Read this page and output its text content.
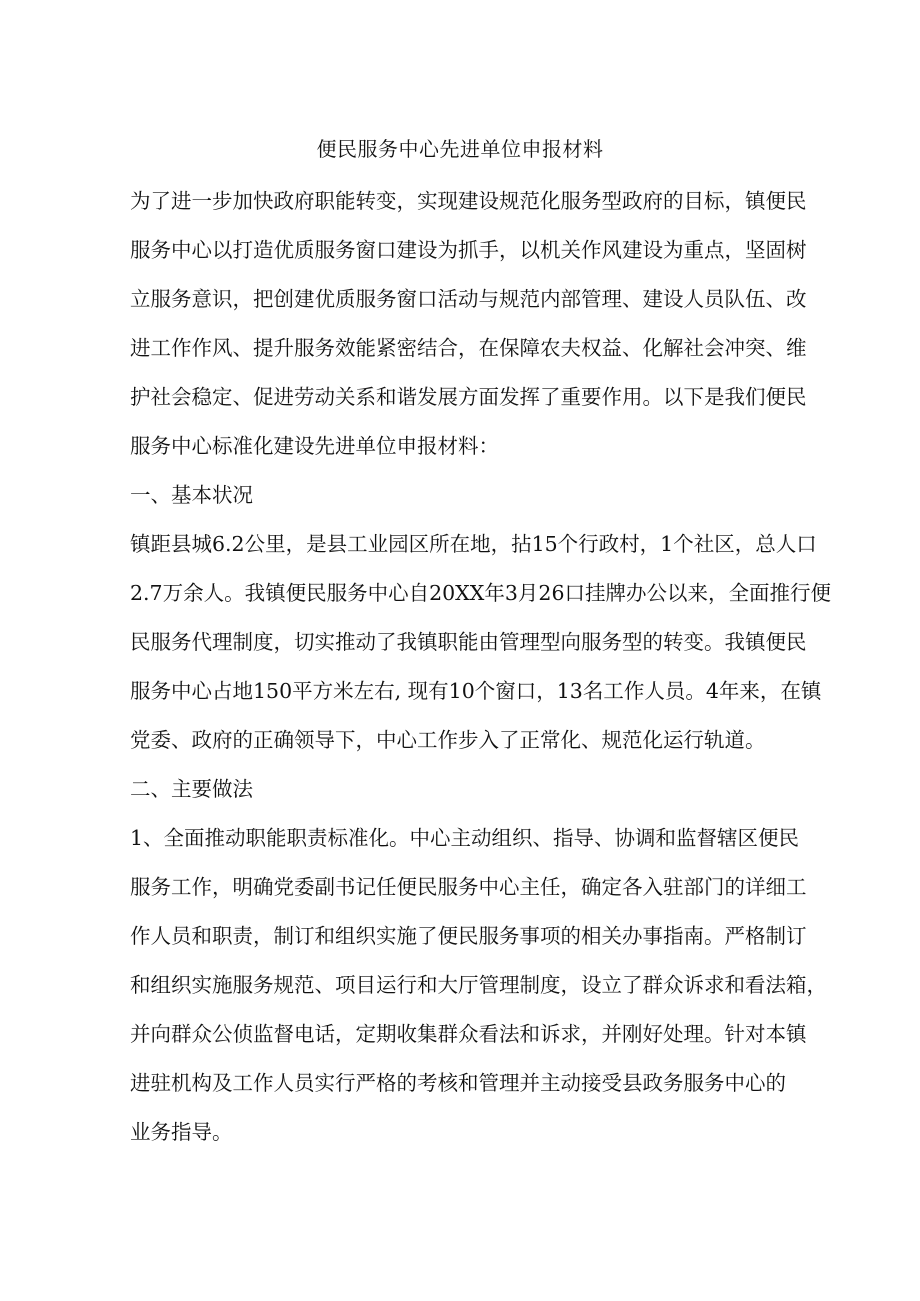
便民服务中心先进单位申报材料
为了进一步加快政府职能转变，实现建设规范化服务型政府的目标，镇便民
服务中心以打造优质服务窗口建设为抓手，以机关作风建设为重点，坚固树
立服务意识，把创建优质服务窗口活动与规范内部管理、建设人员队伍、改
进工作作风、提升服务效能紧密结合，在保障农夫权益、化解社会冲突、维
护社会稳定、促进劳动关系和谐发展方面发挥了重要作用。以下是我们便民
服务中心标准化建设先进单位申报材料：
一、基本状况
镇距县城6.2公里，是县工业园区所在地，拈15个行政村，1个社区，总人口
2.7万余人。我镇便民服务中心自20XX年3月26口挂牌办公以来，全面推行便
民服务代理制度，切实推动了我镇职能由管理型向服务型的转变。我镇便民
服务中心占地150平方米左右, 现有10个窗口，13名工作人员。4年来，在镇
党委、政府的正确领导下，中心工作步入了正常化、规范化运行轨道。
二、主要做法
1、全面推动职能职责标准化。中心主动组织、指导、协调和监督辖区便民
服务工作，明确党委副书记任便民服务中心主任，确定各入驻部门的详细工
作人员和职责，制订和组织实施了便民服务事项的相关办事指南。严格制订
和组织实施服务规范、项目运行和大厅管理制度，设立了群众诉求和看法箱，
并向群众公侦监督电话，定期收集群众看法和诉求，并刚好处理。针对本镇
进驻机构及工作人员实行严格的考核和管理并主动接受县政务服务中心的
业务指导。
